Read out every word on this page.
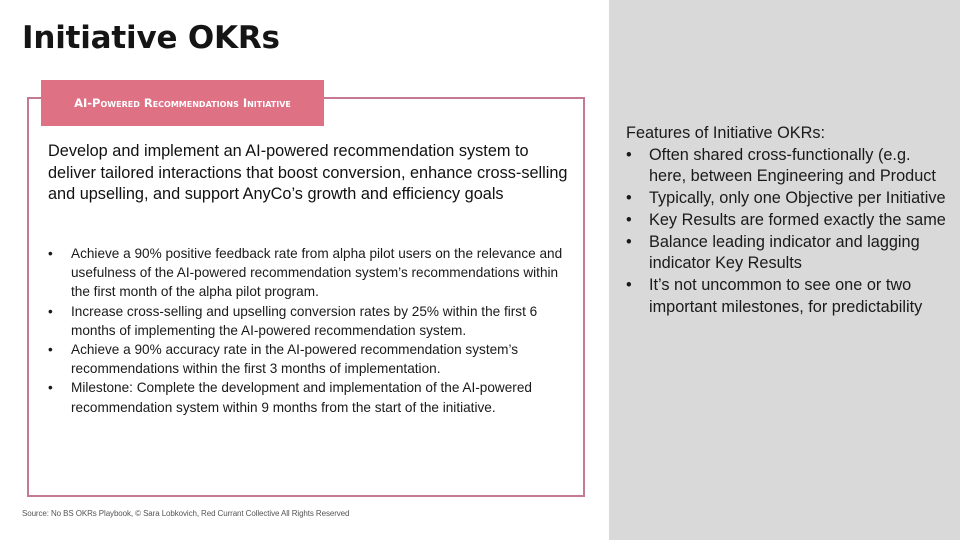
Initiative OKRs
AI-Powered Recommendations Initiative

Develop and implement an AI-powered recommendation system to deliver tailored interactions that boost conversion, enhance cross-selling and upselling, and support AnyCo’s growth and efficiency goals

• Achieve a 90% positive feedback rate from alpha pilot users on the relevance and usefulness of the AI-powered recommendation system’s recommendations within the first month of the alpha pilot program.
• Increase cross-selling and upselling conversion rates by 25% within the first 6 months of implementing the AI-powered recommendation system.
• Achieve a 90% accuracy rate in the AI-powered recommendation system’s recommendations within the first 3 months of implementation.
• Milestone: Complete the development and implementation of the AI-powered recommendation system within 9 months from the start of the initiative.
Features of Initiative OKRs:
• Often shared cross-functionally (e.g. here, between Engineering and Product
• Typically, only one Objective per Initiative
• Key Results are formed exactly the same
• Balance leading indicator and lagging indicator Key Results
• It’s not uncommon to see one or two important milestones, for predictability
Source: No BS OKRs Playbook, © Sara Lobkovich, Red Currant Collective All Rights Reserved
